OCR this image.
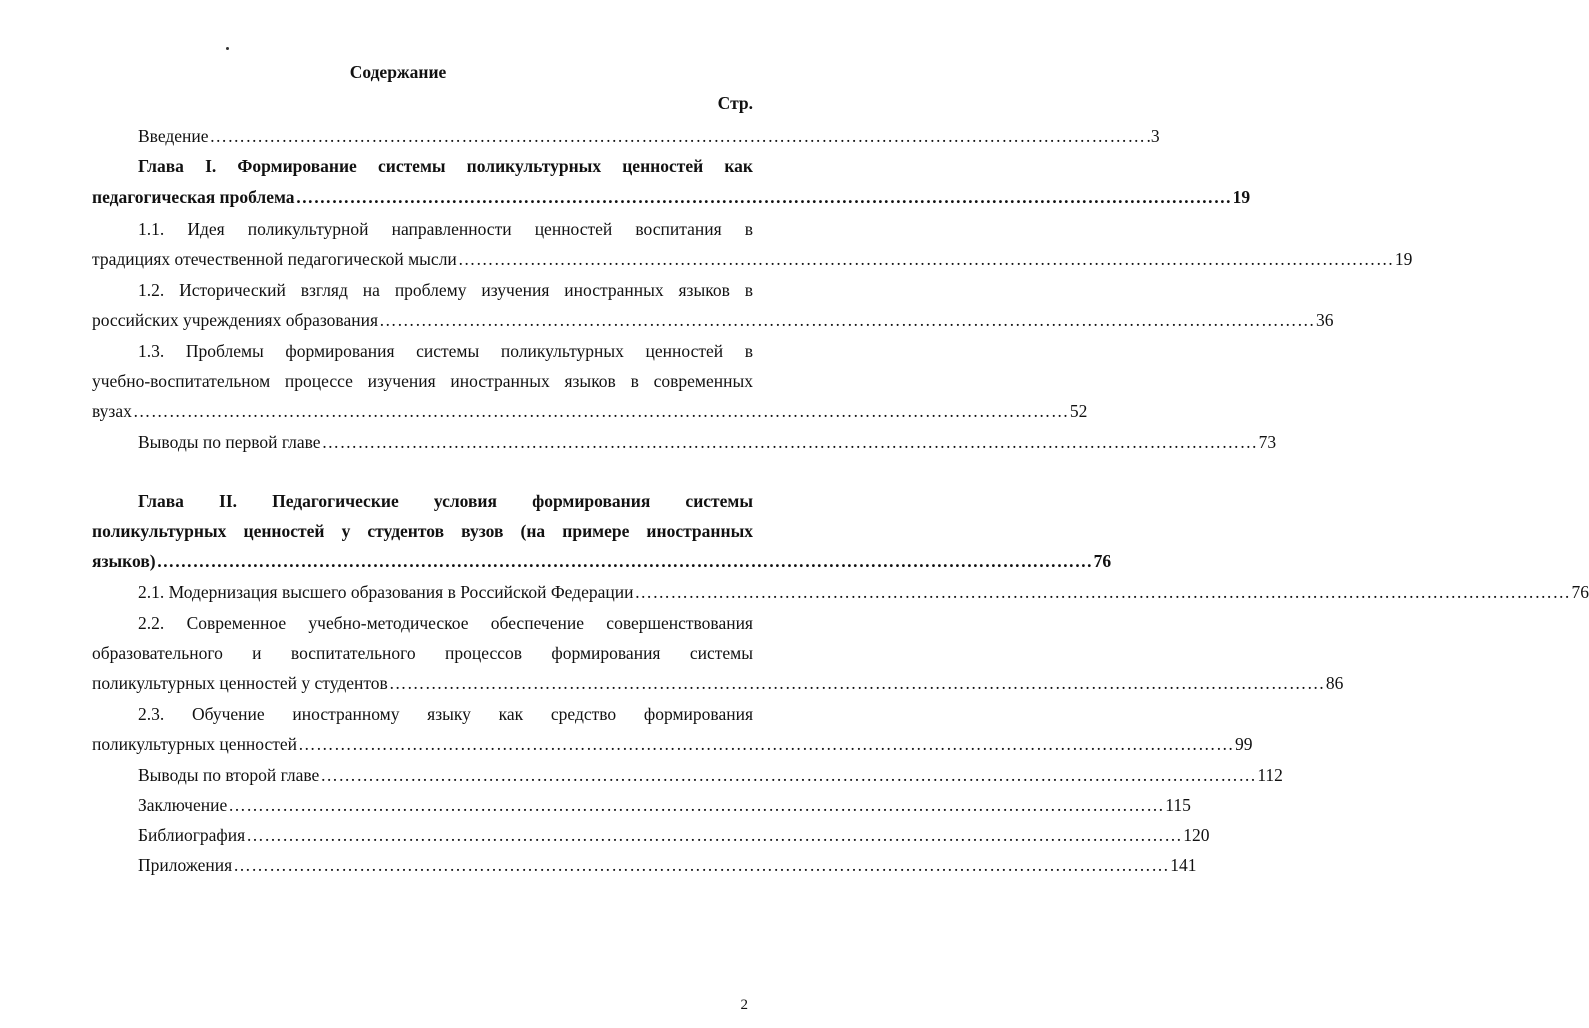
Содержание
Стр.
Введение ………………………………………………………………………………………………………………………………………… .3
Глава I. Формирование системы поликультурных ценностей как
педагогическая проблема ………………………………………………………………………………………………………………………………………… 19
1.1. Идея поликультурной направленности ценностей воспитания в
традициях отечественной педагогической мысли ………………………………………………………………………………………………………………………………………… 19
1.2. Исторический взгляд на проблему изучения иностранных языков в
российских учреждениях образования ………………………………………………………………………………………………………………………………………… 36
1.3. Проблемы формирования системы поликультурных ценностей в
учебно-воспитательном процессе изучения иностранных языков в современных
вузах ………………………………………………………………………………………………………………………………………… 52
Выводы по первой главе ………………………………………………………………………………………………………………………………………… 73
Глава II. Педагогические условия формирования системы
поликультурных ценностей у студентов вузов (на примере иностранных
языков) ………………………………………………………………………………………………………………………………………… 76
2.1. Модернизация высшего образования в Российской Федерации ………………………………………………………………………………………………………………………………………… 76
2.2. Современное учебно-методическое обеспечение совершенствования
образовательного и воспитательного процессов формирования системы
поликультурных ценностей у студентов ………………………………………………………………………………………………………………………………………… 86
2.3. Обучение иностранному языку как средство формирования
поликультурных ценностей ………………………………………………………………………………………………………………………………………… 99
Выводы по второй главе ………………………………………………………………………………………………………………………………………… 112
Заключение ………………………………………………………………………………………………………………………………………… 115
Библиография ………………………………………………………………………………………………………………………………………… 120
Приложения ………………………………………………………………………………………………………………………………………… 141
2
